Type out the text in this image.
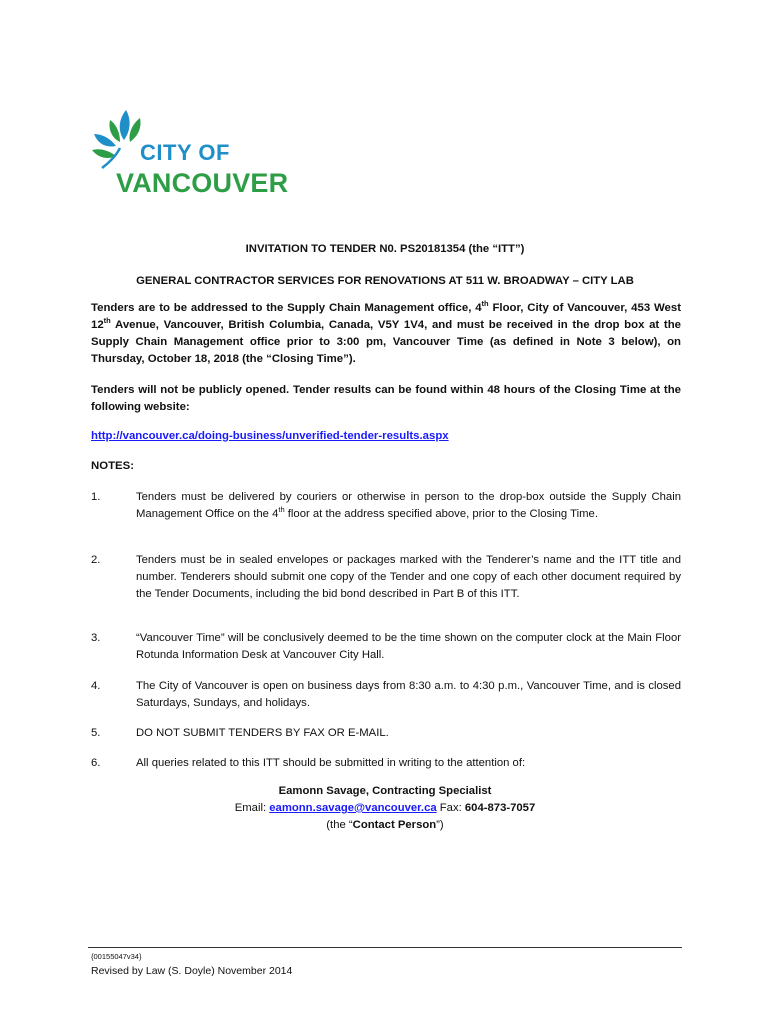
CITY OF
VANCOUVER
INVITATION TO TENDER N0. PS20181354 (the “ITT”)
GENERAL CONTRACTOR SERVICES FOR RENOVATIONS AT 511 W. BROADWAY – CITY LAB
Tenders are to be addressed to the Supply Chain Management office, 4th Floor, City of Vancouver, 453 West 12th Avenue, Vancouver, British Columbia, Canada, V5Y 1V4, and must be received in the drop box at the Supply Chain Management office prior to 3:00 pm, Vancouver Time (as defined in Note 3 below), on Thursday, October 18, 2018 (the “Closing Time”).
Tenders will not be publicly opened. Tender results can be found within 48 hours of the Closing Time at the following website:
http://vancouver.ca/doing-business/unverified-tender-results.aspx
NOTES:
1.	Tenders must be delivered by couriers or otherwise in person to the drop-box outside the Supply Chain Management Office on the 4th floor at the address specified above, prior to the Closing Time.
2.	Tenders must be in sealed envelopes or packages marked with the Tenderer’s name and the ITT title and number. Tenderers should submit one copy of the Tender and one copy of each other document required by the Tender Documents, including the bid bond described in Part B of this ITT.
3.	“Vancouver Time” will be conclusively deemed to be the time shown on the computer clock at the Main Floor Rotunda Information Desk at Vancouver City Hall.
4.	The City of Vancouver is open on business days from 8:30 a.m. to 4:30 p.m., Vancouver Time, and is closed Saturdays, Sundays, and holidays.
5.	DO NOT SUBMIT TENDERS BY FAX OR E-MAIL.
6.	All queries related to this ITT should be submitted in writing to the attention of:
Eamonn Savage, Contracting Specialist
Email: eamonn.savage@vancouver.ca Fax: 604-873-7057
(the “Contact Person”)
{00155047v34}
Revised by Law (S. Doyle) November 2014
